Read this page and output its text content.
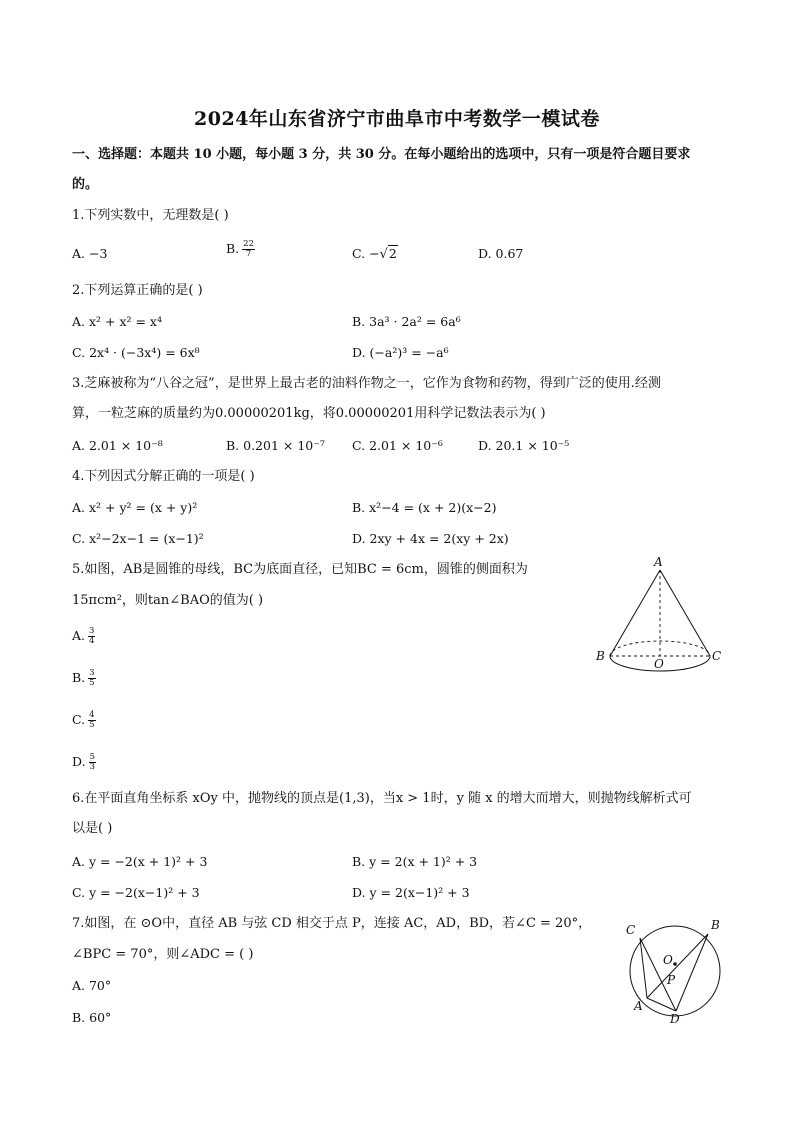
2024年山东省济宁市曲阜市中考数学一模试卷
一、选择题：本题共 10 小题，每小题 3 分，共 30 分。在每小题给出的选项中，只有一项是符合题目要求
的。
1.下列实数中，无理数是( )
A. −3	B. $\frac{22}{7}$	C. −√2	D. 0.67
2.下列运算正确的是( )
A. x² + x² = x⁴	B. 3a³ · 2a² = 6a⁶
C. 2x⁴ · (−3x⁴) = 6x⁸	D. (−a²)³ = −a⁶
3.芝麻被称为“八谷之冠”，是世界上最古老的油料作物之一，它作为食物和药物，得到广泛的使用.经测
算，一粒芝麻的质量约为0.00000201kg，将0.00000201用科学记数法表示为( )
A. 2.01 × 10⁻⁸	B. 0.201 × 10⁻⁷ C. 2.01 × 10⁻⁶	D. 20.1 × 10⁻⁵
4.下列因式分解正确的一项是( )
A. x² + y² = (x + y)²	B. x²−4 = (x + 2)(x−2)
C. x²−2x−1 = (x−1)²	D. 2xy + 4x = 2(xy + 2x)
5.如图，AB是圆锥的母线，BC为底面直径，已知BC = 6cm，圆锥的侧面积为
15πcm²，则tan∠BAO的值为( )
A. $\frac{3}{4}$
B. $\frac{3}{5}$
C. $\frac{4}{5}$
D. $\frac{5}{3}$
A
B	C
O
6.在平面直角坐标系 xOy 中，抛物线的顶点是(1,3)，当x > 1时，y 随 x 的增大而增大，则抛物线解析式可
以是( )
A. y = −2(x + 1)² + 3	B. y = 2(x + 1)² + 3
C. y = −2(x−1)² + 3	D. y = 2(x−1)² + 3
7.如图，在 ⊙O中，直径 AB 与弦 CD 相交于点 P，连接 AC，AD，BD，若∠C = 20°，
∠BPC = 70°，则∠ADC = ( )
A. 70°
B. 60°
C	B
O
P
A
D
